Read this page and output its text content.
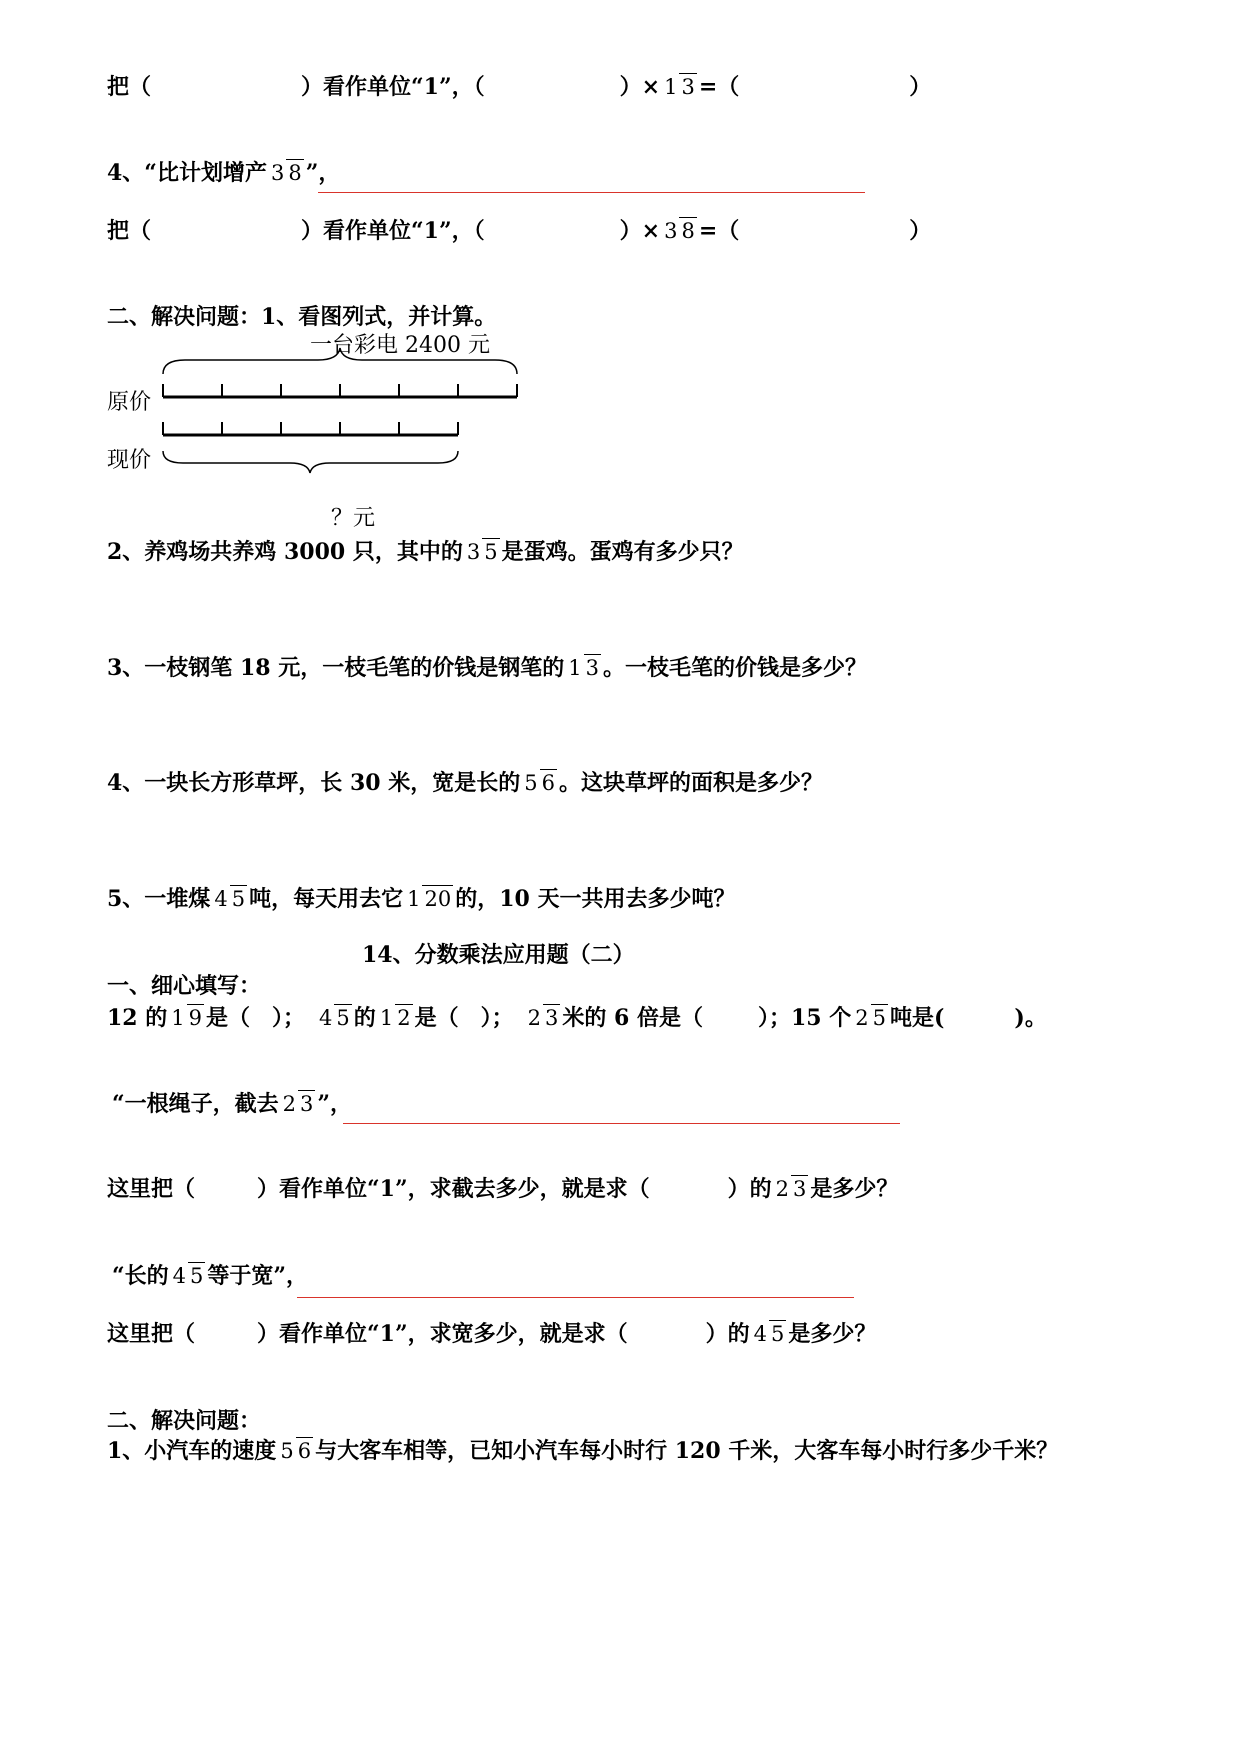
把（	）看作单位“1”，（	）× 1 3 =（	）
4、“比计划增产 3 8 ”，
把（	）看作单位“1”，（	）× 3 8 =（	）
二、解决问题：1、看图列式，并计算。
一台彩电 2400 元
原价
现价
？元
2、养鸡场共养鸡 3000 只，其中的 3 5 是蛋鸡。蛋鸡有多少只？
3、一枝钢笔 18 元，一枝毛笔的价钱是钢笔的 1 3 。一枝毛笔的价钱是多少？
4、一块长方形草坪，长 30 米，宽是长的 5 6 。这块草坪的面积是多少？
5、一堆煤 4 5 吨，每天用去它 1 20 的，10 天一共用去多少吨？
14、分数乘法应用题（二）
一、细心填写：
12 的 1 9 是（　）； 4 5 的 1 2 是（　）； 2 3 米的 6 倍是（	）；15 个 2 5 吨是(	)。
“一根绳子，截去 2 3 ”，
这里把（	）看作单位“1”，求截去多少，就是求（	）的 2 3 是多少？
“长的 4 5 等于宽”，
这里把（	）看作单位“1”，求宽多少，就是求（	）的 4 5 是多少？
二、解决问题：
1、小汽车的速度 5 6 与大客车相等，已知小汽车每小时行 120 千米，大客车每小时行多少千米？
